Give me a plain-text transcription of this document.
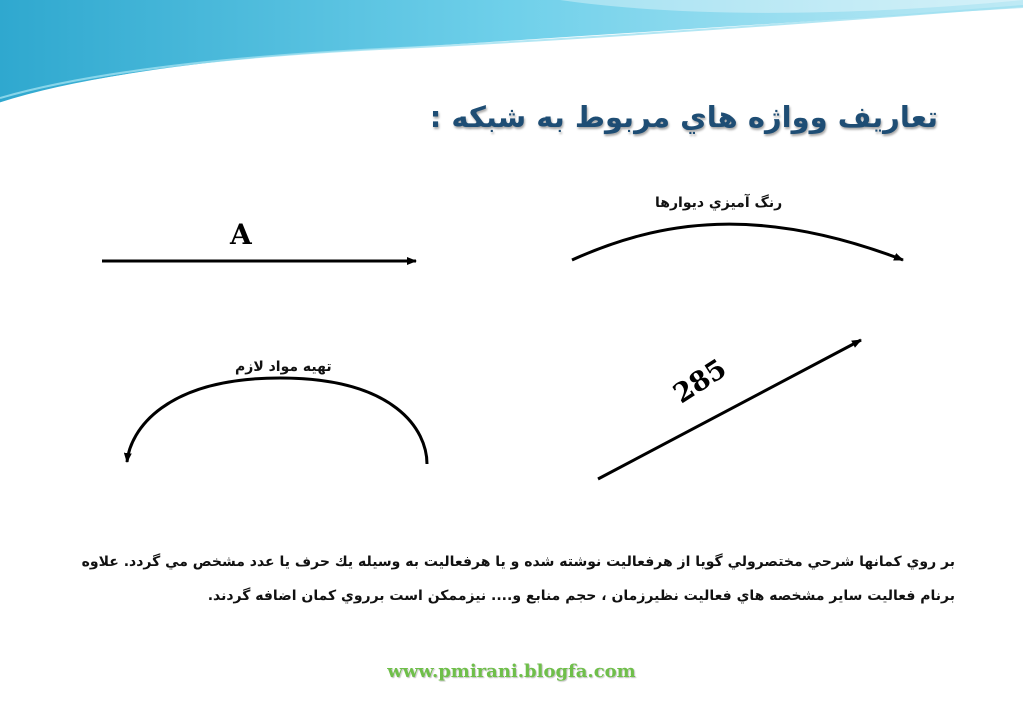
تعاريف وواژه هاي مربوط به شبكه :
A
رنگ آميزي ديوارها
تهيه مواد لازم	285
بر روي كمانها شرحي مختصرولي گويا از هرفعاليت نوشته شده و يا هرفعاليت به وسيله يك حرف يا عدد مشخص مي گردد. علاوه برنام فعاليت ساير مشخصه هاي فعاليت نظيرزمان ، حجم منابع و.... نيزممكن است برروي كمان اضافه گردند.
www.pmirani.blogfa.com
